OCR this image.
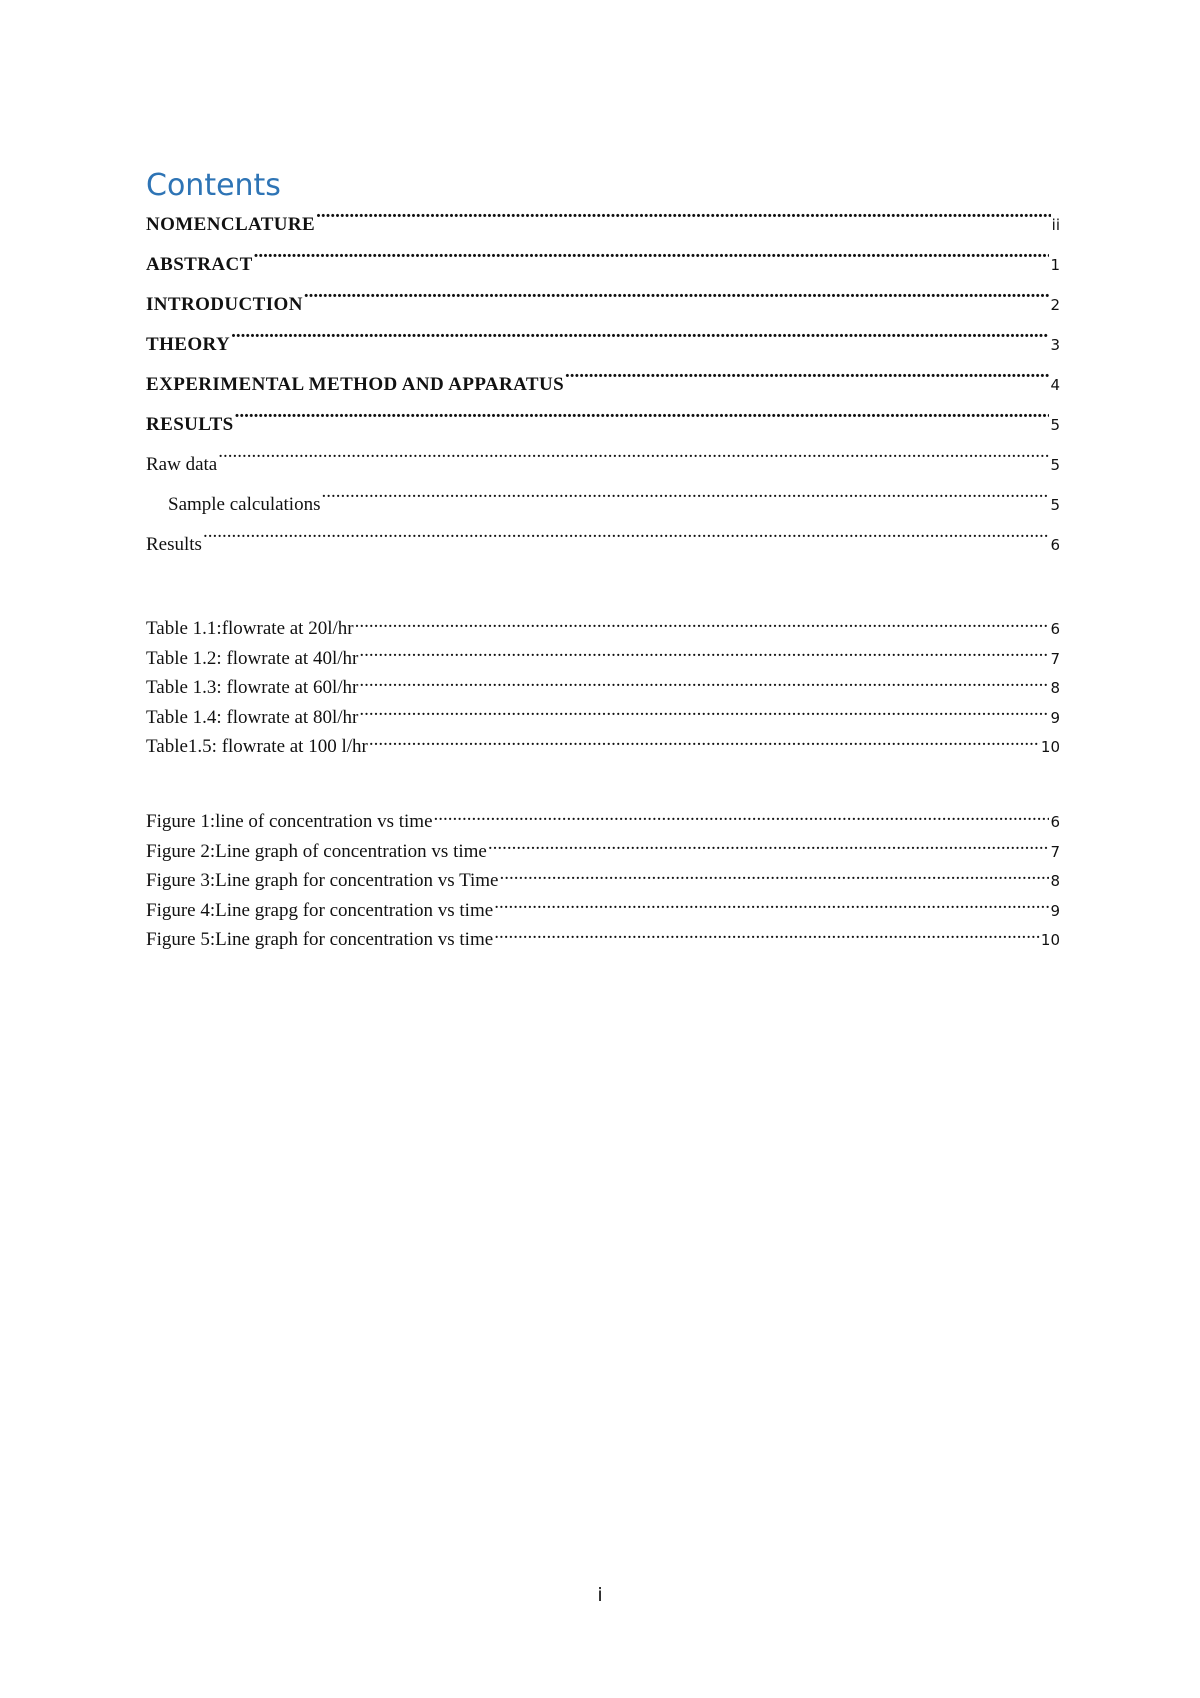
Contents
NOMENCLATURE .....	ii
ABSTRACT .....	1
INTRODUCTION .....	2
THEORY .....	3
EXPERIMENTAL METHOD AND APPARATUS .....	4
RESULTS .....	5
Raw data .....	5
Sample calculations .....	5
Results .....	6
Table 1.1:flowrate at 20l/hr .....	6
Table 1.2: flowrate at 40l/hr .....	7
Table 1.3: flowrate at 60l/hr .....	8
Table 1.4: flowrate at 80l/hr .....	9
Table1.5: flowrate at 100 l/hr .....	10
Figure 1:line of concentration vs time .....	6
Figure 2:Line graph of concentration vs time .....	7
Figure 3:Line graph for concentration vs Time .....	8
Figure 4:Line grapg for concentration vs time .....	9
Figure 5:Line graph for concentration vs time .....	10
i
